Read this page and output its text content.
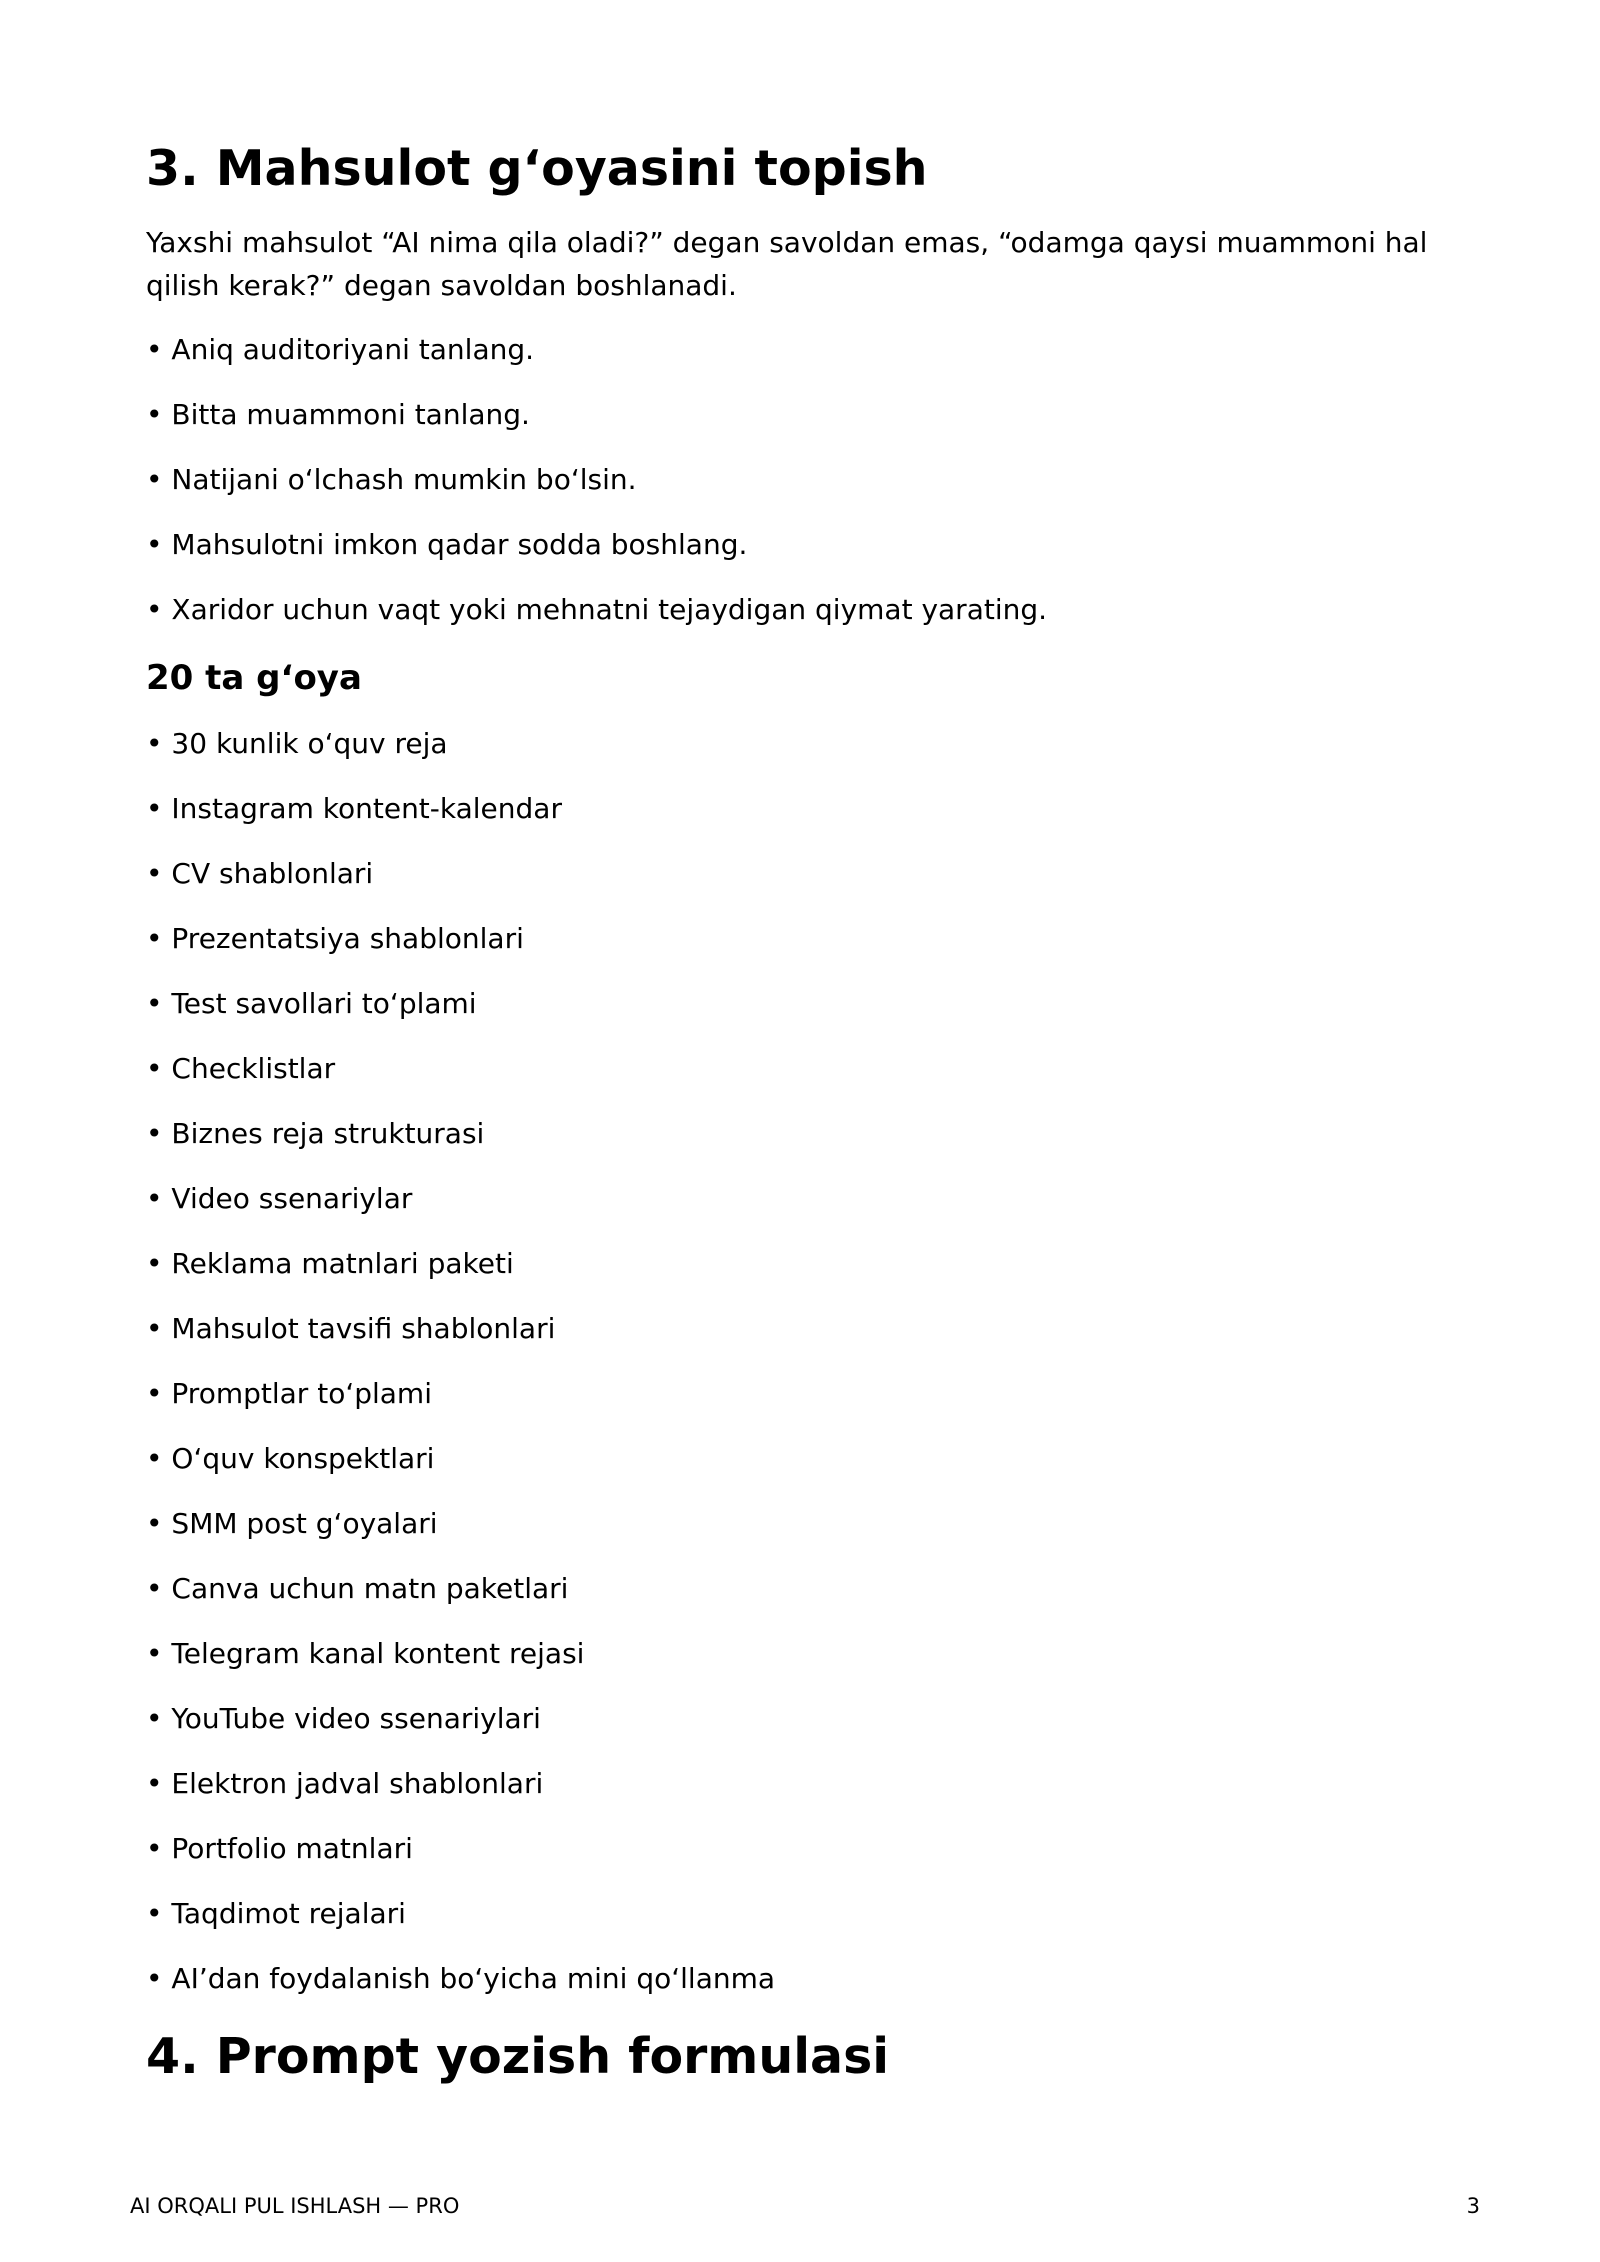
3. Mahsulot g‘oyasini topish

Yaxshi mahsulot “AI nima qila oladi?” degan savoldan emas, “odamga qaysi muammoni hal qilish kerak?” degan savoldan boshlanadi.

• Aniq auditoriyani tanlang.
• Bitta muammoni tanlang.
• Natijani o‘lchash mumkin bo‘lsin.
• Mahsulotni imkon qadar sodda boshlang.
• Xaridor uchun vaqt yoki mehnatni tejaydigan qiymat yarating.
20 ta g‘oya
• 30 kunlik o‘quv reja
• Instagram kontent-kalendar
• CV shablonlari
• Prezentatsiya shablonlari
• Test savollari to‘plami
• Checklistlar
• Biznes reja strukturasi
• Video ssenariylar
• Reklama matnlari paketi
• Mahsulot tavsifi shablonlari
• Promptlar to‘plami
• O‘quv konspektlari
• SMM post g‘oyalari
• Canva uchun matn paketlari
• Telegram kanal kontent rejasi
• YouTube video ssenariylari
• Elektron jadval shablonlari
• Portfolio matnlari
• Taqdimot rejalari
• AI’dan foydalanish bo‘yicha mini qo‘llanma
4. Prompt yozish formulasi
AI ORQALI PUL ISHLASH — PRO	3
